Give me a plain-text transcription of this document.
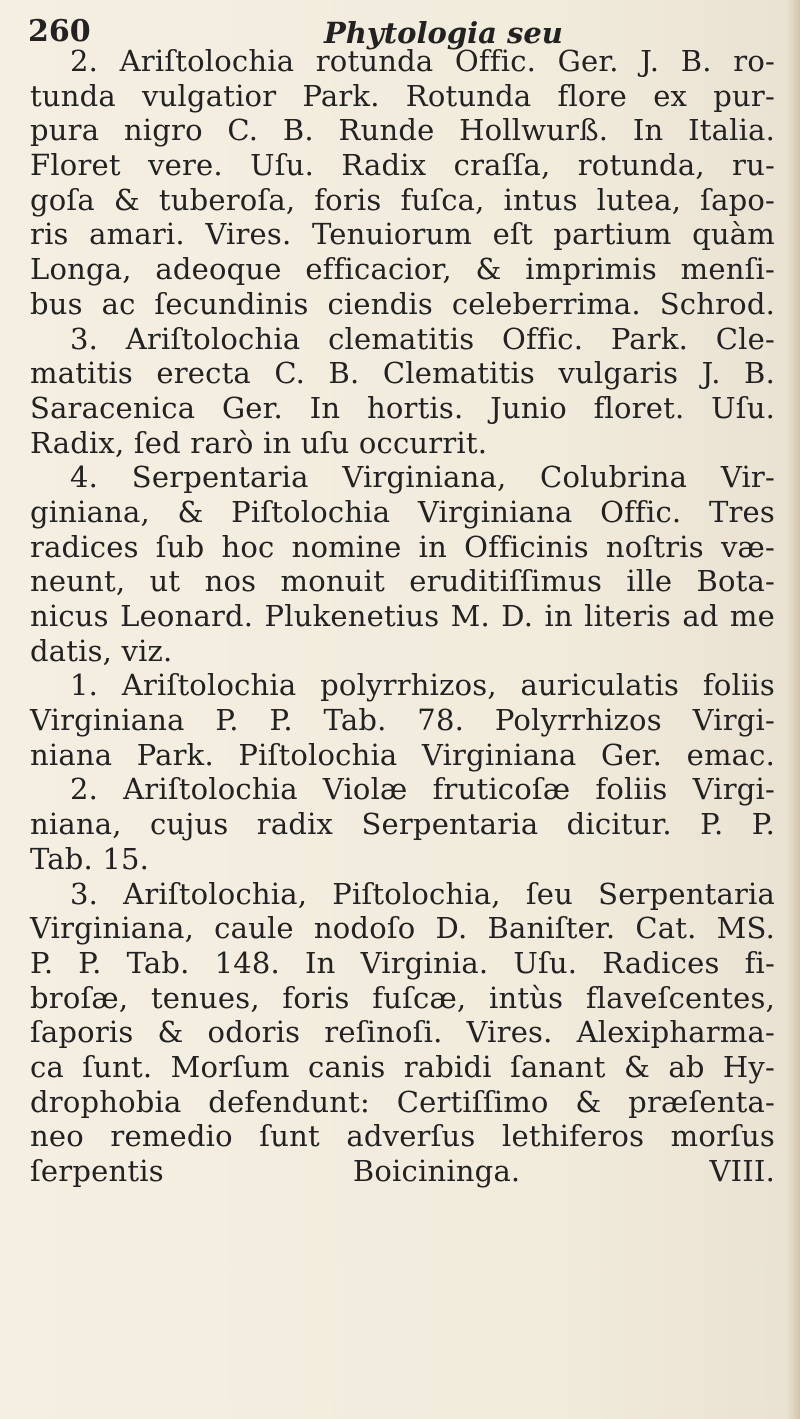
260	Phytologia seu
2. Ariſtolochia rotunda Offic. Ger. J. B. ro-
tunda vulgatior Park. Rotunda flore ex pur-
pura nigro C. B. Runde Hollwurß. In Italia.
Floret vere. Uſu. Radix craſſa, rotunda, ru-
goſa & tuberoſa, foris fuſca, intus lutea, ſapo-
ris amari. Vires. Tenuiorum eſt partium quàm
Longa, adeoque efficacior, & imprimis menſi-
bus ac ſecundinis ciendis celeberrima. Schrod.
3. Ariſtolochia clematitis Offic. Park. Cle-
matitis erecta C. B. Clematitis vulgaris J. B.
Saracenica Ger. In hortis. Junio floret. Uſu.
Radix, ſed rarò in uſu occurrit.
4. Serpentaria Virginiana, Colubrina Vir-
giniana, & Piſtolochia Virginiana Offic. Tres
radices ſub hoc nomine in Officinis noſtris væ-
neunt, ut nos monuit eruditiſſimus ille Bota-
nicus Leonard. Plukenetius M. D. in literis ad me
datis, viz.
1. Ariſtolochia polyrrhizos, auriculatis foliis
Virginiana P. P. Tab. 78. Polyrrhizos Virgi-
niana Park. Piſtolochia Virginiana Ger. emac.
2. Ariſtolochia Violæ fruticoſæ foliis Virgi-
niana, cujus radix Serpentaria dicitur. P. P.
Tab. 15.
3. Ariſtolochia, Piſtolochia, ſeu Serpentaria
Virginiana, caule nodoſo D. Baniſter. Cat. MS.
P. P. Tab. 148. In Virginia. Uſu. Radices fi-
broſæ, tenues, foris fuſcæ, intùs flaveſcentes,
ſaporis & odoris reſinoſi. Vires. Alexipharma-
ca ſunt. Morſum canis rabidi ſanant & ab Hy-
drophobia defendunt: Certiſſimo & præſenta-
neo remedio ſunt adverſus lethiferos morſus
ſerpentis Boicininga. VIII.
